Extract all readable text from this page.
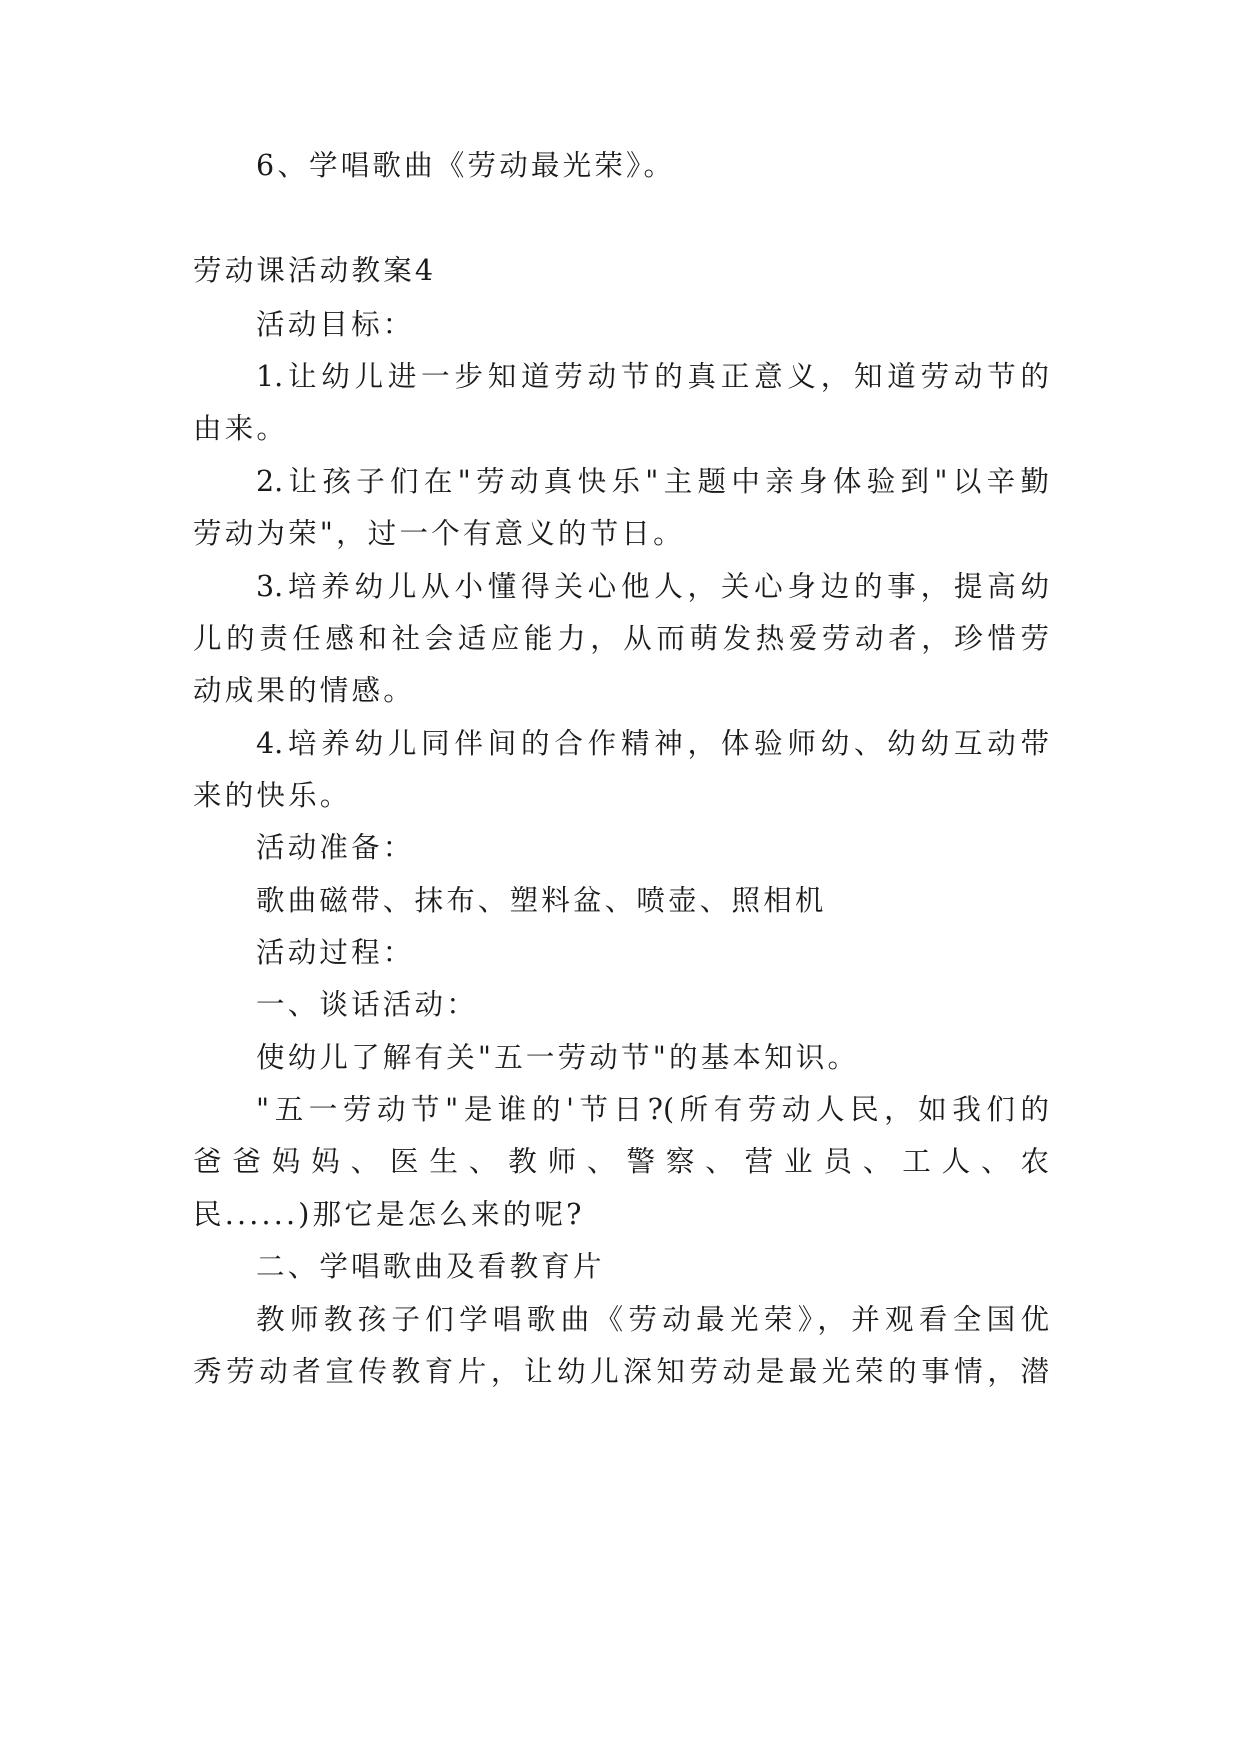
6、学唱歌曲《劳动最光荣》。
劳动课活动教案4
活动目标：
1.让幼儿进一步知道劳动节的真正意义，知道劳动节的
由来。
2.让孩子们在"劳动真快乐"主题中亲身体验到"以辛勤
劳动为荣"，过一个有意义的节日。
3.培养幼儿从小懂得关心他人，关心身边的事，提高幼
儿的责任感和社会适应能力，从而萌发热爱劳动者，珍惜劳
动成果的情感。
4.培养幼儿同伴间的合作精神，体验师幼、幼幼互动带
来的快乐。
活动准备：
歌曲磁带、抹布、塑料盆、喷壶、照相机
活动过程：
一、谈话活动：
使幼儿了解有关"五一劳动节"的基本知识。
"五一劳动节"是谁的'节日?(所有劳动人民，如我们的
爸爸妈妈、医生、教师、警察、营业员、工人、农
民......)那它是怎么来的呢?
二、学唱歌曲及看教育片
教师教孩子们学唱歌曲《劳动最光荣》，并观看全国优
秀劳动者宣传教育片，让幼儿深知劳动是最光荣的事情，潜
